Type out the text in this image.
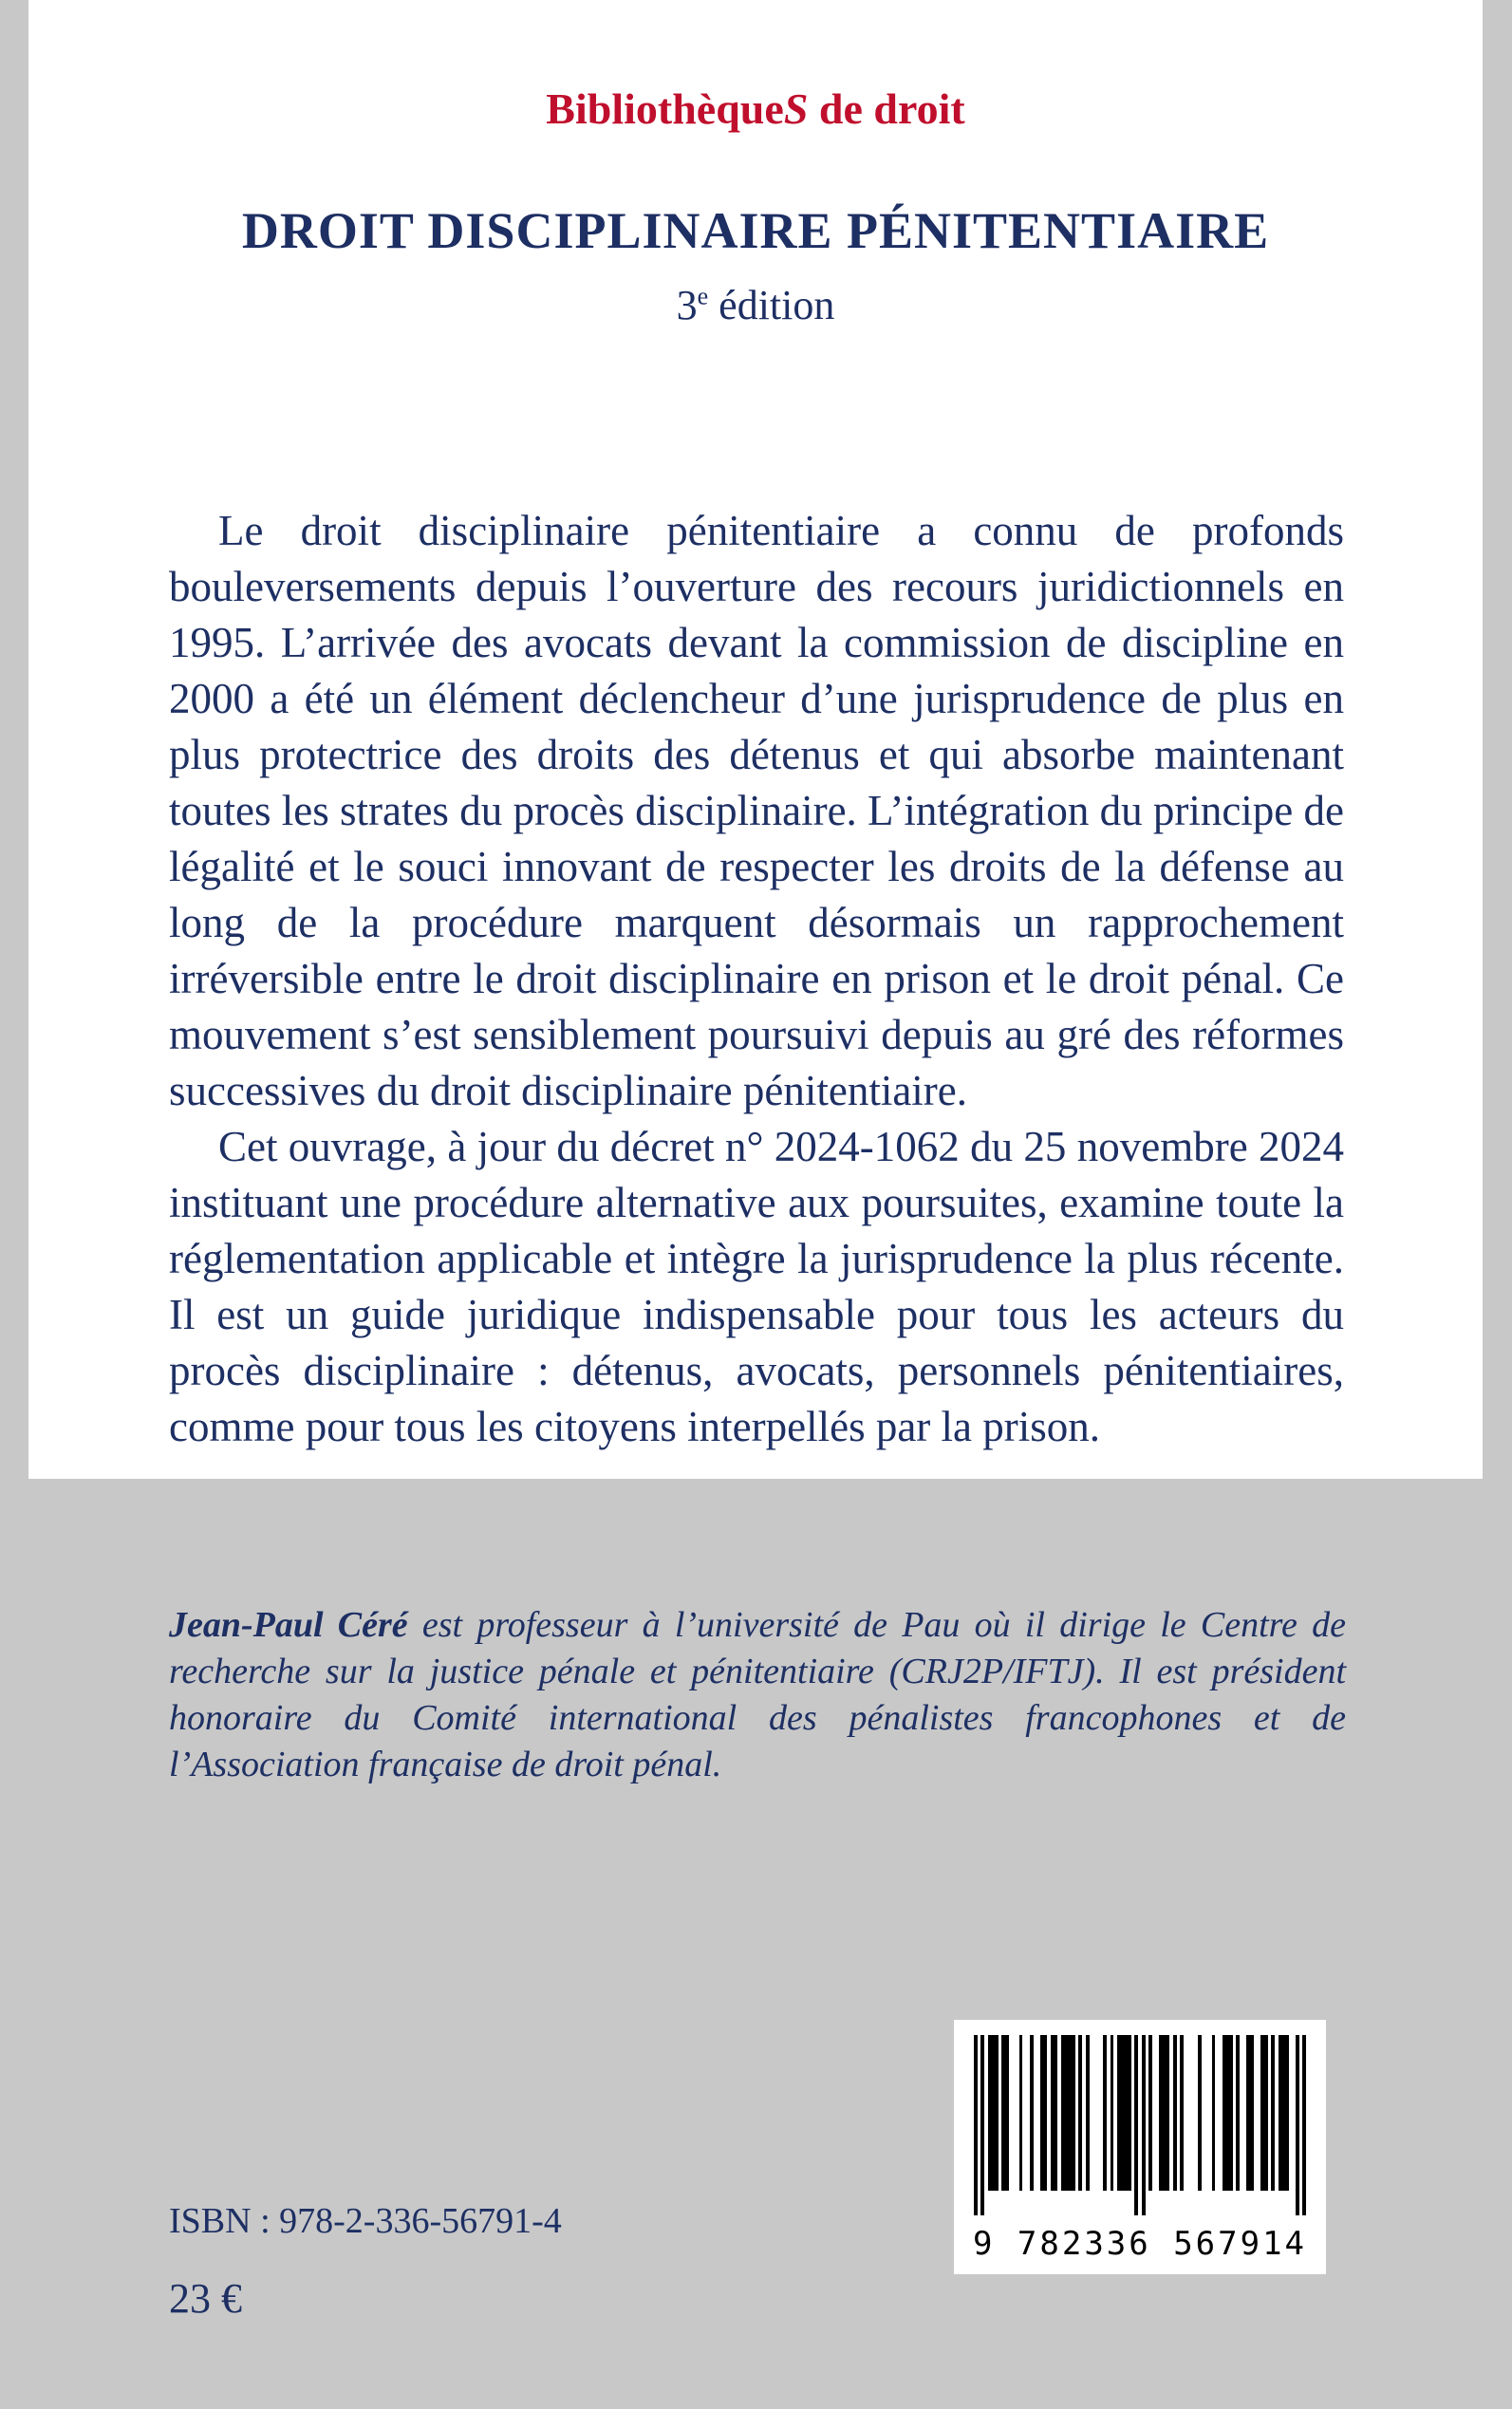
BibliothèqueS de droit
DROIT DISCIPLINAIRE PÉNITENTIAIRE
3e édition

Le droit disciplinaire pénitentiaire a connu de profonds bouleversements depuis l’ouverture des recours juridictionnels en 1995. L’arrivée des avocats devant la commission de discipline en 2000 a été un élément déclencheur d’une jurisprudence de plus en plus protectrice des droits des détenus et qui absorbe maintenant toutes les strates du procès disciplinaire. L’intégration du principe de légalité et le souci innovant de respecter les droits de la défense au long de la procédure marquent désormais un rapprochement irréversible entre le droit disciplinaire en prison et le droit pénal. Ce mouvement s’est sensiblement poursuivi depuis au gré des réformes successives du droit disciplinaire pénitentiaire.

Cet ouvrage, à jour du décret n° 2024-1062 du 25 novembre 2024 instituant une procédure alternative aux poursuites, examine toute la réglementation applicable et intègre la jurisprudence la plus récente. Il est un guide juridique indispensable pour tous les acteurs du procès disciplinaire : détenus, avocats, personnels pénitentiaires, comme pour tous les citoyens interpellés par la prison.

Jean-Paul Céré est professeur à l’université de Pau où il dirige le Centre de recherche sur la justice pénale et pénitentiaire (CRJ2P/IFTJ). Il est président honoraire du Comité international des pénalistes francophones et de l’Association française de droit pénal.
9 782336 567914
ISBN : 978-2-336-56791-4
23 €
